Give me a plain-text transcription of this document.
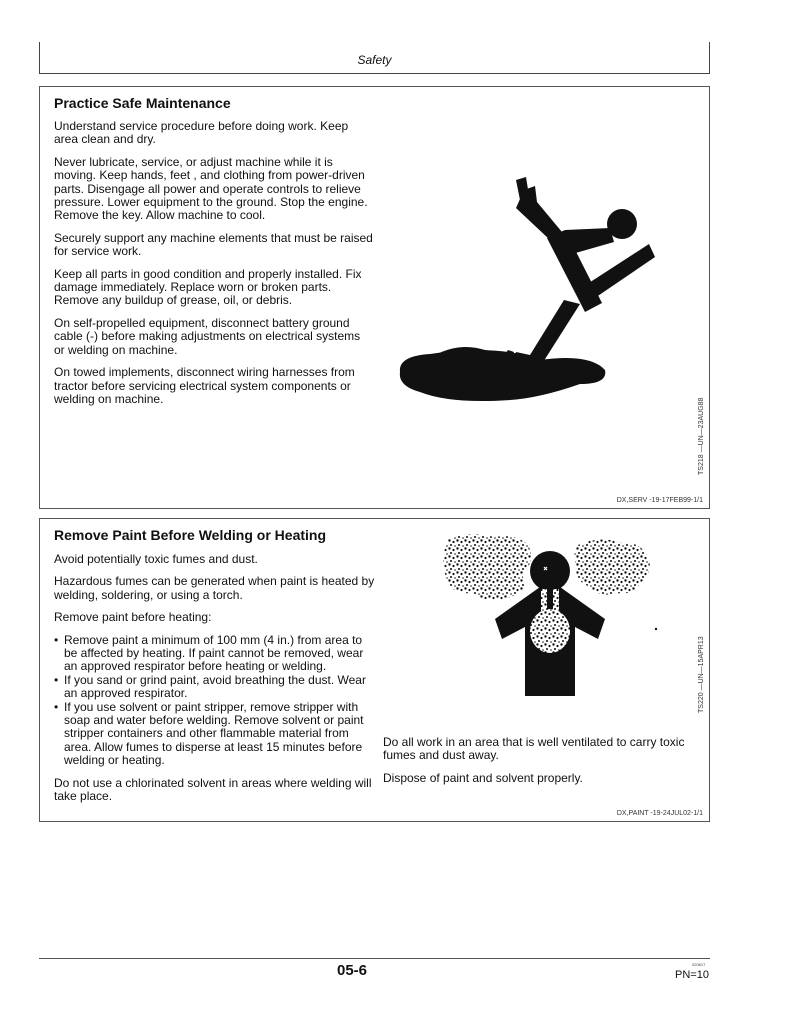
Safety
Practice Safe Maintenance

Understand service procedure before doing work. Keep area clean and dry.

Never lubricate, service, or adjust machine while it is moving. Keep hands, feet , and clothing from power-driven parts. Disengage all power and operate controls to relieve pressure. Lower equipment to the ground. Stop the engine. Remove the key. Allow machine to cool.

Securely support any machine elements that must be raised for service work.

Keep all parts in good condition and properly installed. Fix damage immediately. Replace worn or broken parts. Remove any buildup of grease, oil, or debris.

On self-propelled equipment, disconnect battery ground cable (-) before making adjustments on electrical systems or welding on machine.

On towed implements, disconnect wiring harnesses from tractor before servicing electrical system components or welding on machine.	TS218 —UN—23AUG88
DX,SERV -19-17FEB99-1/1
Remove Paint Before Welding or Heating

Avoid potentially toxic fumes and dust.

Hazardous fumes can be generated when paint is heated by welding, soldering, or using a torch.

Remove paint before heating:

• Remove paint a minimum of 100 mm (4 in.) from area to be affected by heating. If paint cannot be removed, wear an approved respirator before heating or welding.
• If you sand or grind paint, avoid breathing the dust. Wear an approved respirator.
• If you use solvent or paint stripper, remove stripper with soap and water before welding. Remove solvent or paint stripper containers and other flammable material from area. Allow fumes to disperse at least 15 minutes before welding or heating.

Do not use a chlorinated solvent in areas where welding will take place.

TS220 —UN—15APR13

Do all work in an area that is well ventilated to carry toxic fumes and dust away.

Dispose of paint and solvent properly.

DX,PAINT -19-24JUL02-1/1
05-6	020817
PN=10
